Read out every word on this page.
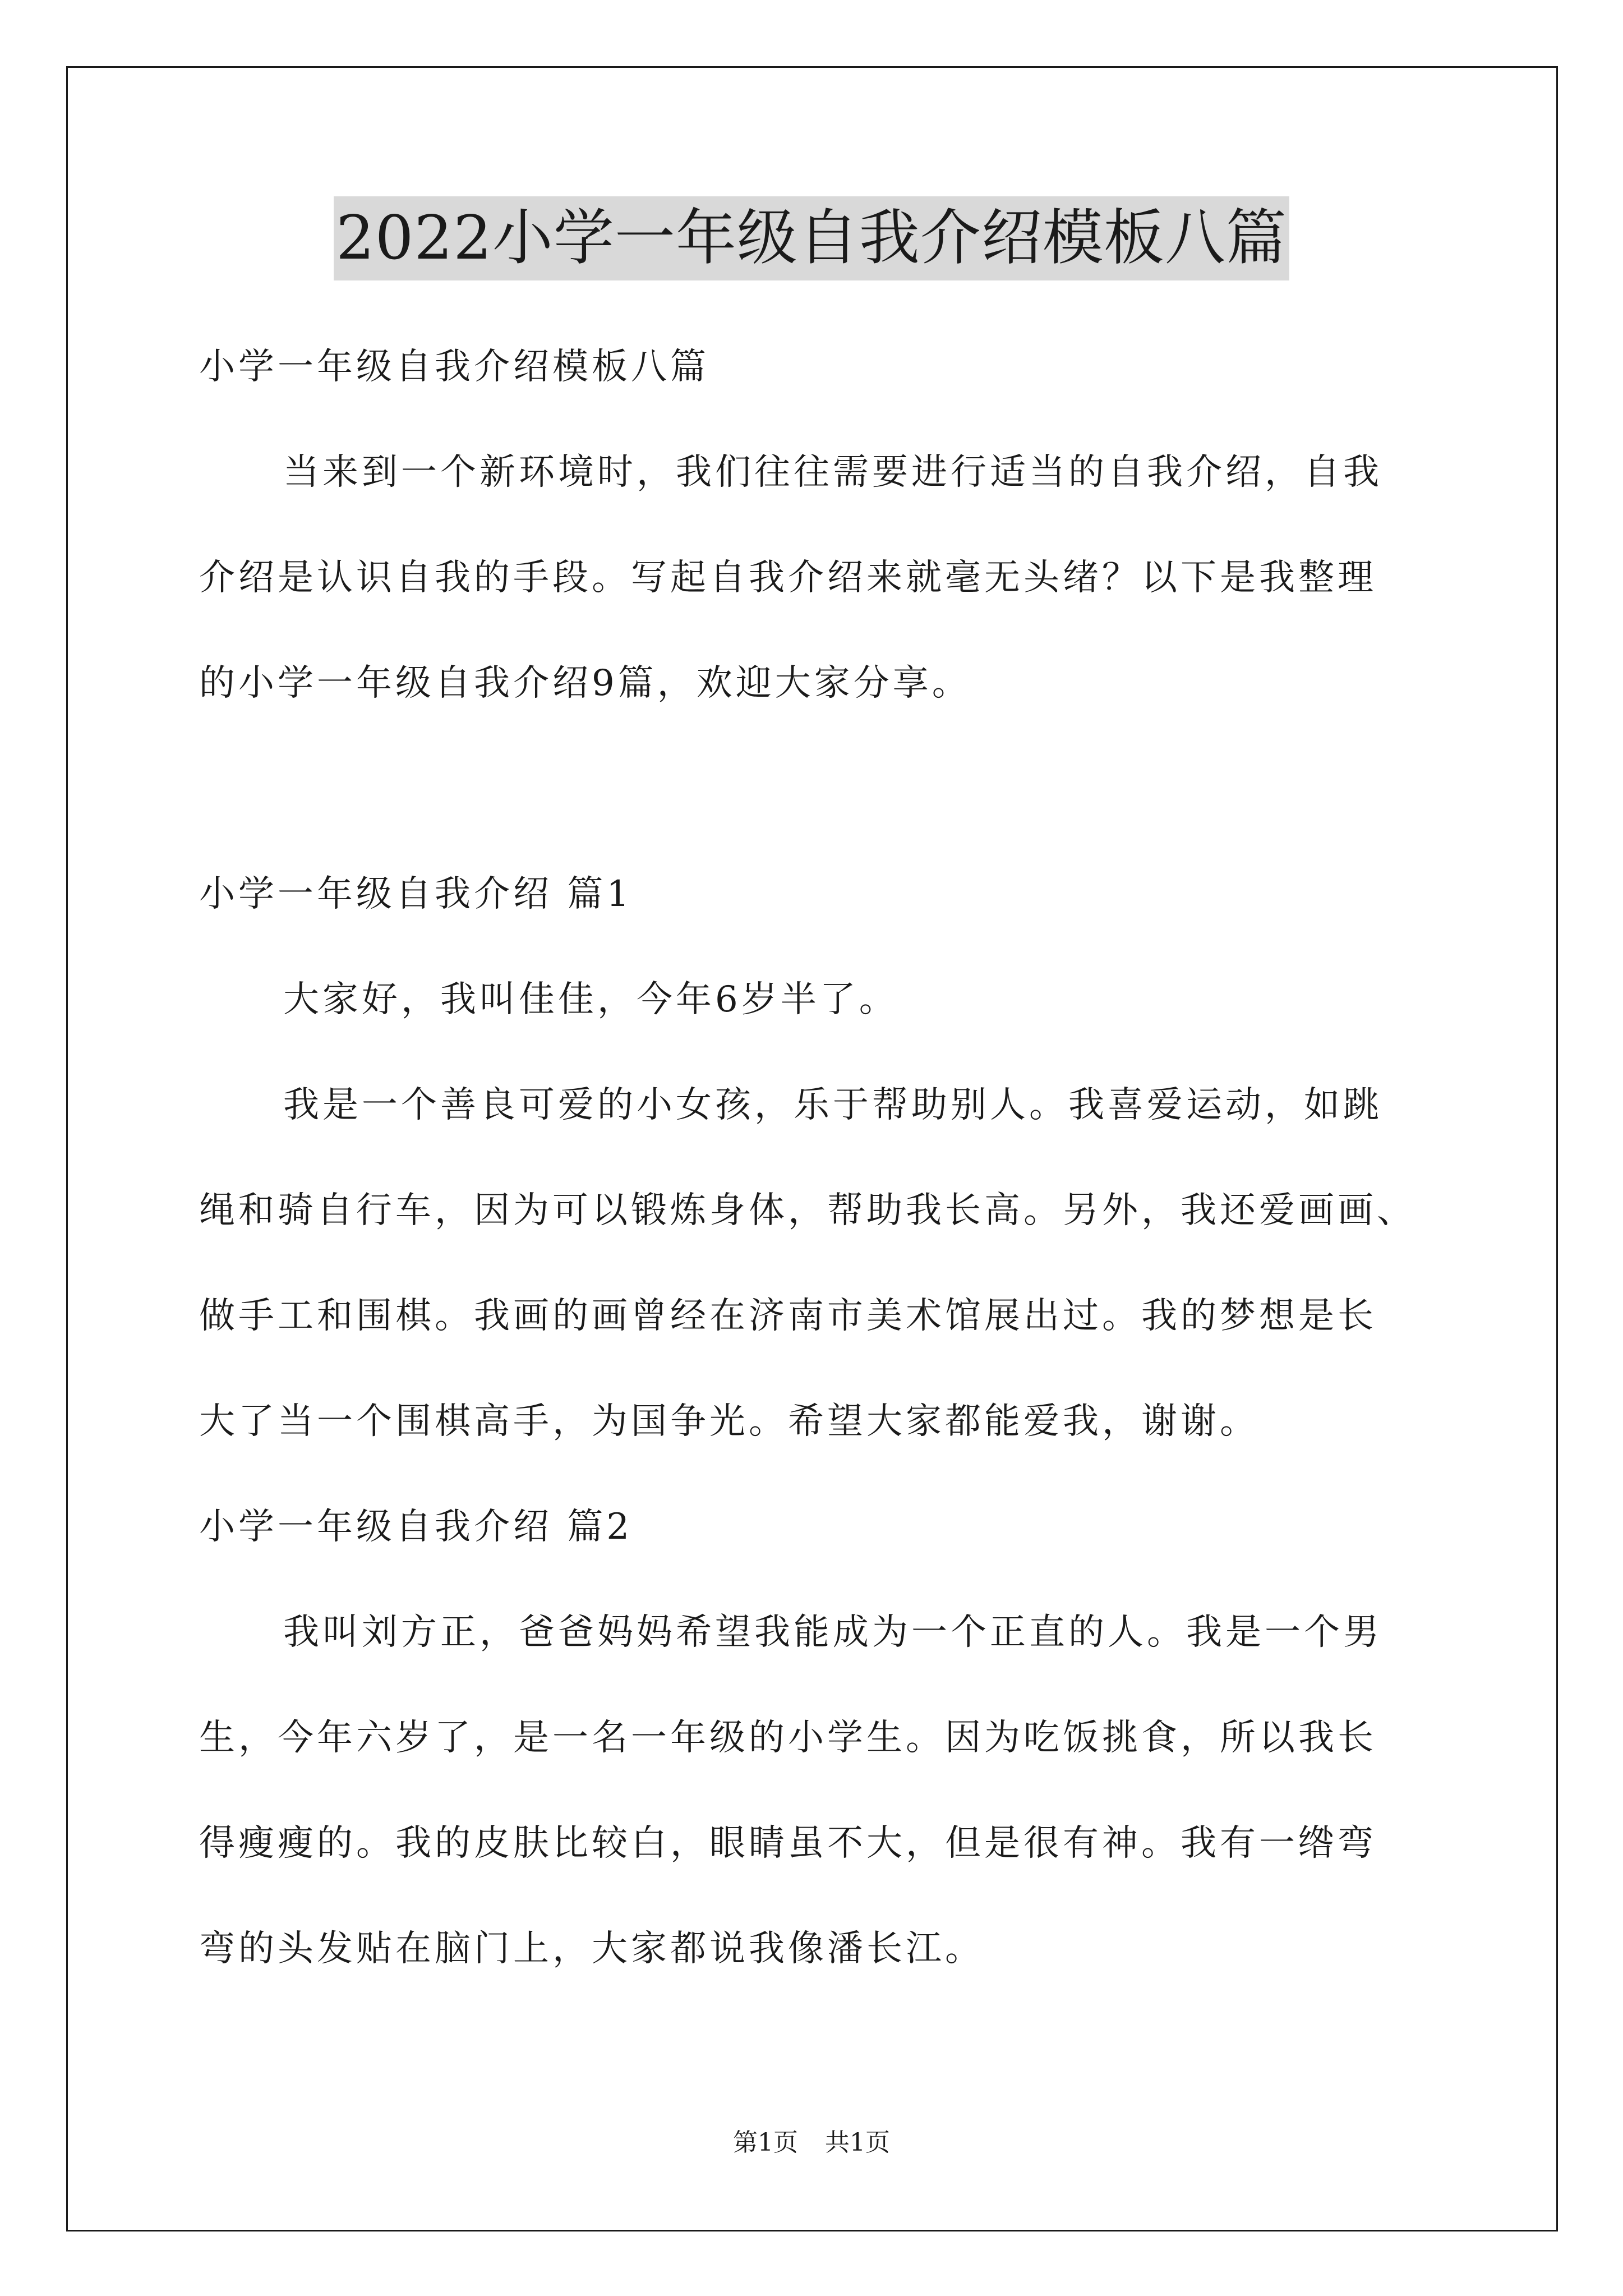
2022小学一年级自我介绍模板八篇
小学一年级自我介绍模板八篇
当来到一个新环境时，我们往往需要进行适当的自我介绍，自我
介绍是认识自我的手段。写起自我介绍来就毫无头绪？以下是我整理
的小学一年级自我介绍9篇，欢迎大家分享。
小学一年级自我介绍 篇1
大家好，我叫佳佳，今年6岁半了。
我是一个善良可爱的小女孩，乐于帮助别人。我喜爱运动，如跳
绳和骑自行车，因为可以锻炼身体，帮助我长高。另外，我还爱画画、
做手工和围棋。我画的画曾经在济南市美术馆展出过。我的梦想是长
大了当一个围棋高手，为国争光。希望大家都能爱我，谢谢。
小学一年级自我介绍 篇2
我叫刘方正，爸爸妈妈希望我能成为一个正直的人。我是一个男
生，今年六岁了，是一名一年级的小学生。因为吃饭挑食，所以我长
得瘦瘦的。我的皮肤比较白，眼睛虽不大，但是很有神。我有一绺弯
弯的头发贴在脑门上，大家都说我像潘长江。
第1页 共1页
